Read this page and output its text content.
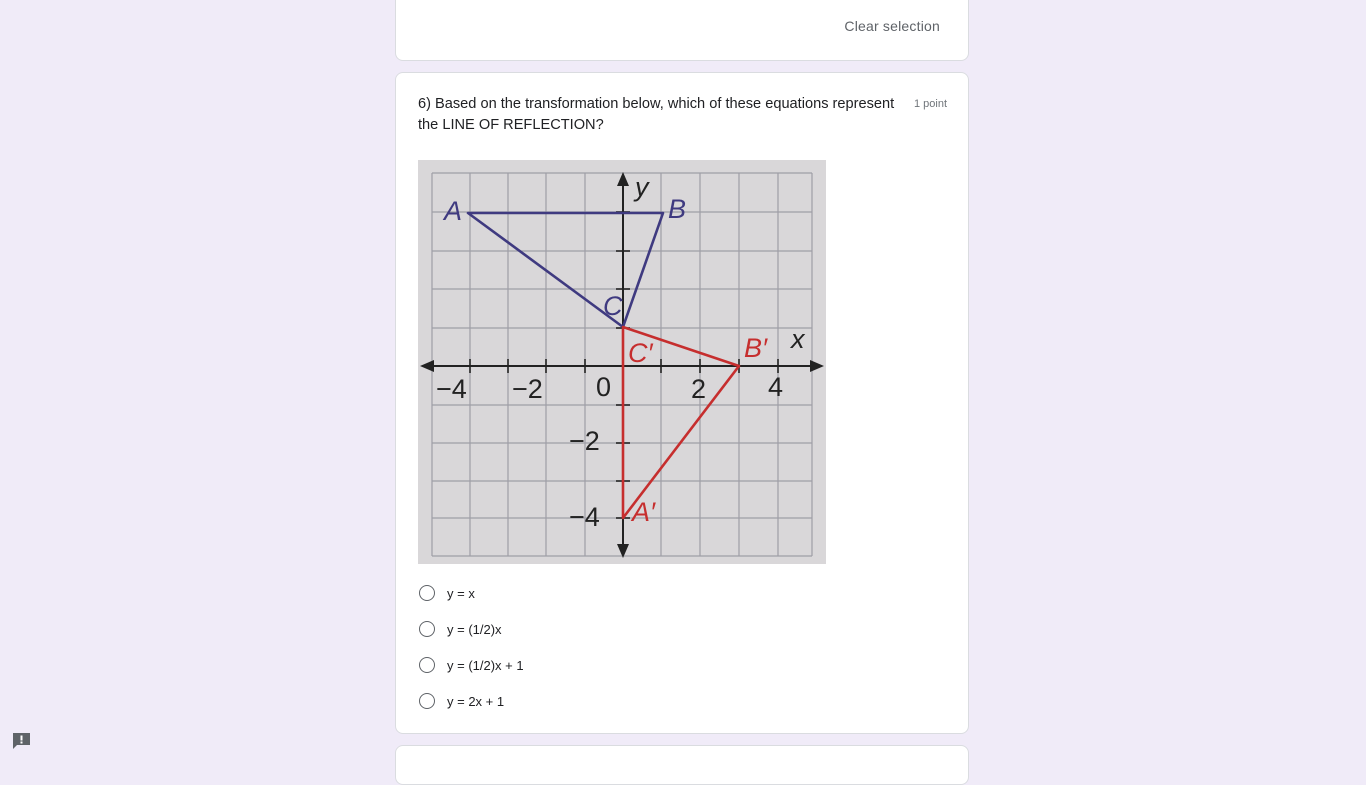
Clear selection
6) Based on the transformation below, which of these equations represent the LINE OF REFLECTION?
1 point
y
x
−4 −2 0	2 4
−2
−4
A	B
C
C′	B′
A′
y = x
y = (1/2)x
y = (1/2)x + 1
y = 2x + 1
